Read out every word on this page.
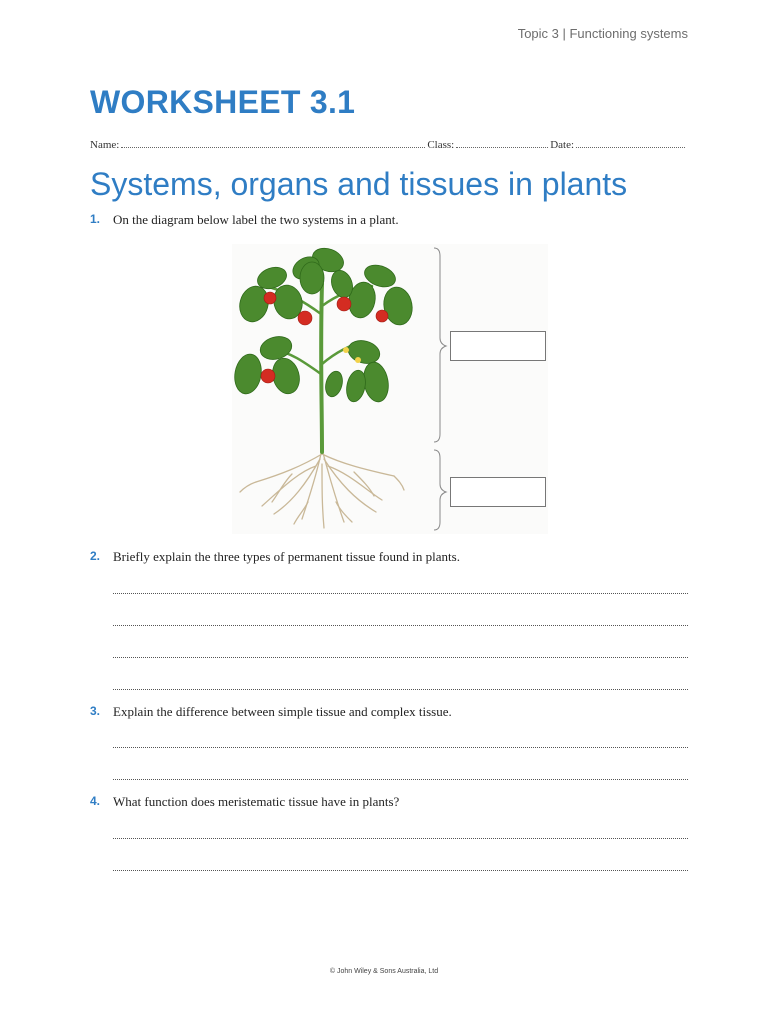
Topic 3 | Functioning systems
WORKSHEET 3.1
Name:	Class:	Date:
Systems, organs and tissues in plants
1. On the diagram below label the two systems in a plant.
2. Briefly explain the three types of permanent tissue found in plants.
3. Explain the difference between simple tissue and complex tissue.
4. What function does meristematic tissue have in plants?
© John Wiley & Sons Australia, Ltd
